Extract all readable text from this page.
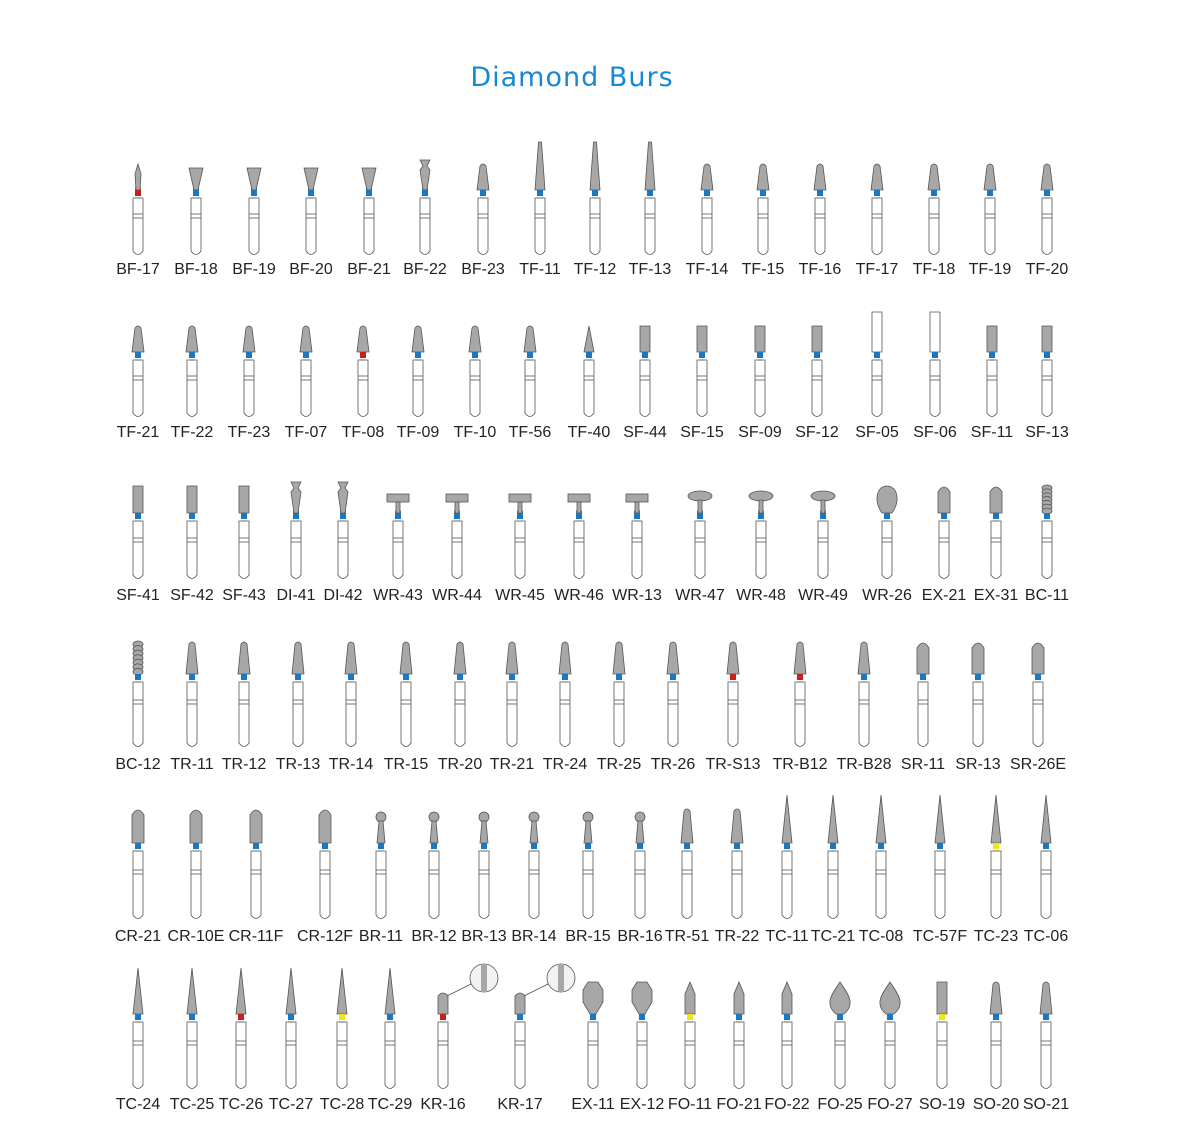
Diamond Burs
BF-17 BF-18 BF-19 BF-20 BF-21 BF-22 BF-23 TF-11 TF-12 TF-13 TF-14 TF-15 TF-16 TF-17 TF-18 TF-19 TF-20
TF-21 TF-22 TF-23 TF-07 TF-08 TF-09 TF-10 TF-56 TF-40 SF-44 SF-15 SF-09 SF-12 SF-05 SF-06 SF-11 SF-13
SF-41 SF-42 SF-43 DI-41 DI-42 WR-43 WR-44 WR-45 WR-46 WR-13 WR-47 WR-48 WR-49 WR-26 EX-21 EX-31 BC-11
BC-12 TR-11 TR-12 TR-13 TR-14 TR-15 TR-20 TR-21 TR-24 TR-25 TR-26 TR-S13 TR-B12 TR-B28 SR-11 SR-13 SR-26E
CR-21 CR-10E CR-11F CR-12F BR-11 BR-12 BR-13 BR-14 BR-15 BR-16 TR-51 TR-22 TC-11 TC-21 TC-08 TC-57F TC-23 TC-06
TC-24 TC-25 TC-26 TC-27 TC-28 TC-29 KR-16 KR-17 EX-11 EX-12 FO-11 FO-21 FO-22 FO-25 FO-27 SO-19 SO-20 SO-21
